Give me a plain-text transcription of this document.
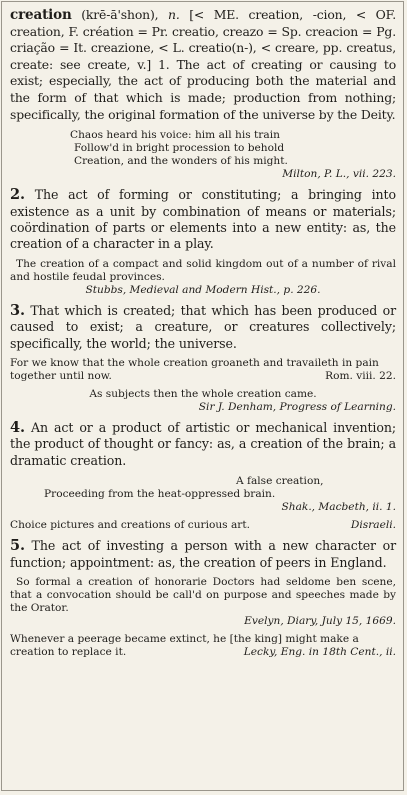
creation (krē-ā'shon), n. [< ME. creation, -cion, < OF. creation, F. création = Pr. creatio, creazo = Sp. creacion = Pg. criação = It. creazione, < L. creatio(n-), < creare, pp. creatus, create: see create, v.] 1. The act of creating or causing to exist; especially, the act of producing both the material and the form of that which is made; production from nothing; specifically, the original formation of the universe by the Deity.
Chaos heard his voice: him all his train
Follow'd in bright procession to behold
Creation, and the wonders of his might.
Milton, P. L., vii. 223.
2. The act of forming or constituting; a bringing into existence as a unit by combination of means or materials; coördination of parts or elements into a new entity: as, the creation of a character in a play.
The creation of a compact and solid kingdom out of a number of rival and hostile feudal provinces.
Stubbs, Medieval and Modern Hist., p. 226.
3. That which is created; that which has been produced or caused to exist; a creature, or creatures collectively; specifically, the world; the universe.
For we know that the whole creation groaneth and travaileth in pain together until now.	Rom. viii. 22.
As subjects then the whole creation came.
Sir J. Denham, Progress of Learning.
4. An act or a product of artistic or mechanical invention; the product of thought or fancy: as, a creation of the brain; a dramatic creation.
A false creation,
Proceeding from the heat-oppressed brain.
Shak., Macbeth, ii. 1.
Choice pictures and creations of curious art.	Disraeli.
5. The act of investing a person with a new character or function; appointment: as, the creation of peers in England.
So formal a creation of honorarie Doctors had seldome ben scene, that a convocation should be call'd on purpose and speeches made by the Orator.
Evelyn, Diary, July 15, 1669.
Whenever a peerage became extinct, he [the king] might make a creation to replace it.	Lecky, Eng. in 18th Cent., ii.
